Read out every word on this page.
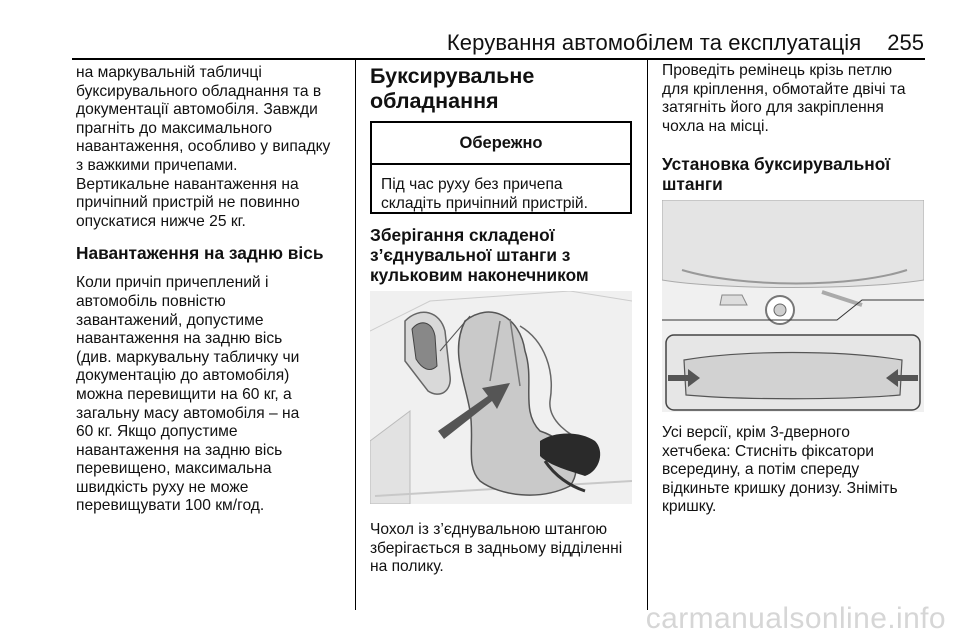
Керування автомобілем та експлуатація 255

на маркувальній табличці
буксирувального обладнання та в
документації автомобіля. Завжди
прагніть до максимального
навантаження, особливо у випадку
з важкими причепами.

Вертикальне навантаження на
причіпний пристрій не повинно
опускатися нижче 25 кг.

Навантаження на задню вісь

Коли причіп причеплений і
автомобіль повністю
завантажений, допустиме
навантаження на задню вісь
(див. маркувальну табличку чи
документацію до автомобіля)
можна перевищити на 60 кг, а
загальну масу автомобіля – на
60 кг. Якщо допустиме
навантаження на задню вісь
перевищено, максимальна
швидкість руху не може
перевищувати 100 км/год.

Буксирувальне
обладнання

Обережно
Під час руху без причепа
складіть причіпний пристрій.

Зберігання складеної
з’єднувальної штанги з
кульковим наконечником

Чохол із з’єднувальною штангою
зберігається в задньому відділенні
на полику.

Проведіть ремінець крізь петлю
для кріплення, обмотайте двічі та
затягніть його для закріплення
чохла на місці.

Установка буксирувальної
штанги

Усі версії, крім 3-дверного
хетчбека: Стисніть фіксатори
всередину, а потім спереду
відкиньте кришку донизу. Зніміть
кришку.

carmanualsonline.info
